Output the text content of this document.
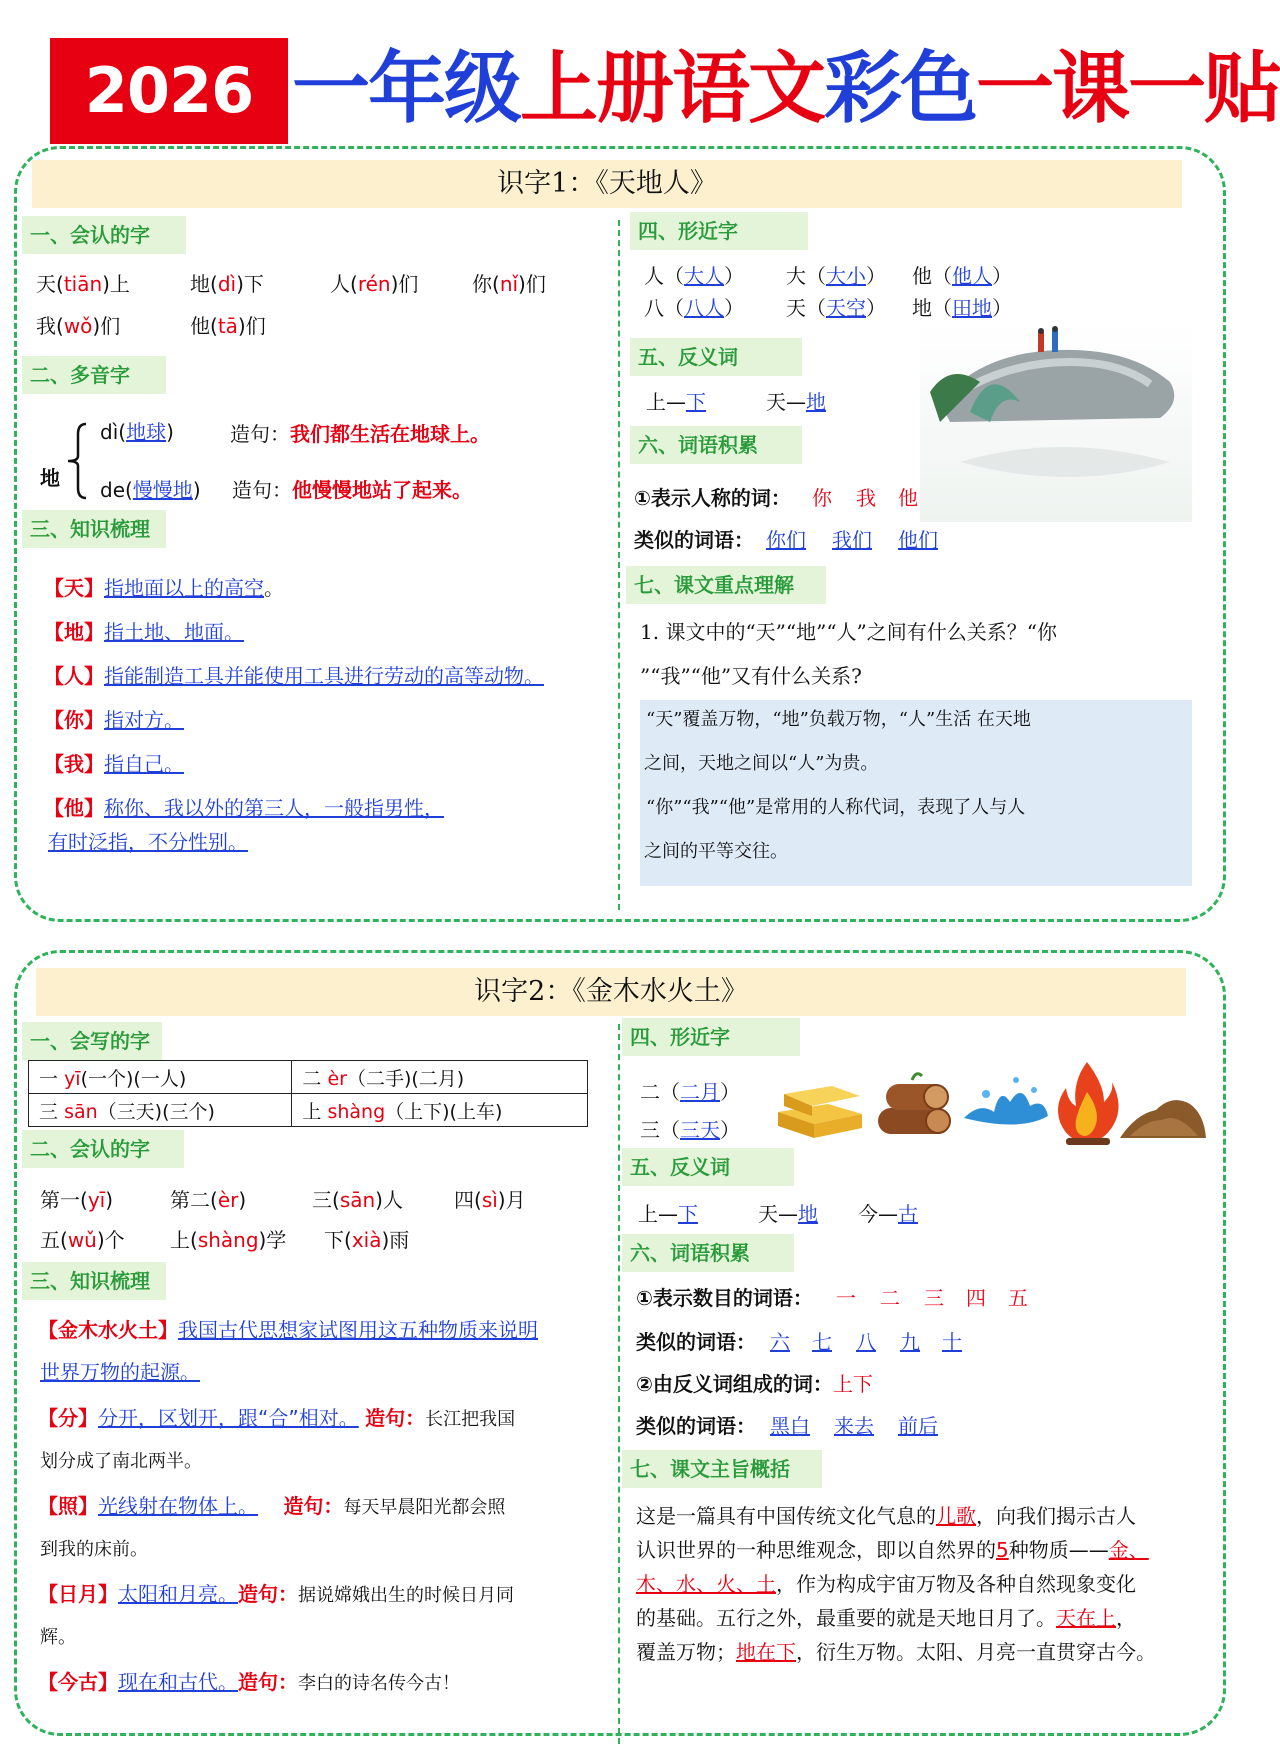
2026 一年级上册语文彩色一课一贴
识字1：《天地人》
一、会认的字
天(tiān)上	地(dì)下	人(rén)们	你(nǐ)们
我(wǒ)们	他(tā)们
二、多音字
地
dì(地球)	造句：我们都生活在地球上。
de(慢慢地) 造句：他慢慢地站了起来。
三、知识梳理
【天】指地面以上的高空。
【地】指土地、地面。
【人】指能制造工具并能使用工具进行劳动的高等动物。
【你】指对方。
【我】指自己。
【他】称你、我以外的第三人，一般指男性，
有时泛指，不分性别。
四、形近字
人（大人） 大（大小） 他（他人）
八（八人） 天（天空） 地（田地）
五、反义词
上—下	天—地
六、词语积累
①表示人称的词： 你 我 他
类似的词语： 你们 我们 他们
七、课文重点理解
1. 课文中的“天”“地”“人”之间有什么关系？“你
”“我”“他”又有什么关系?
“天”覆盖万物，“地”负载万物，“人”生活 在天地
之间，天地之间以“人”为贵。
“你”“我”“他”是常用的人称代词，表现了人与人
之间的平等交往。
识字2：《金木水火土》
一、会写的字
一 yī(一个)(一人)	二 èr（二手)(二月)
三 sān（三天)(三个)	上 shàng（上下)(上车)
二、会认的字
第一(yī)	第二(èr)	三(sān)人	四(sì)月
五(wǔ)个 上(shàng)学 下(xià)雨
三、知识梳理
【金木水火土】我国古代思想家试图用这五种物质来说明
世界万物的起源。
【分】分开，区划开，跟“合”相对。 造句：长江把我国
划分成了南北两半。
【照】光线射在物体上。 造句：每天早晨阳光都会照
到我的床前。
【日月】太阳和月亮。造句：据说嫦娥出生的时候日月同
辉。
【今古】现在和古代。造句：李白的诗名传今古！
四、形近字
二（二月）
三（三天）
五、反义词
上—下	天—地 今—古
六、词语积累
①表示数目的词语： 一 二 三 四 五
类似的词语： 六 七 八 九 十
②由反义词组成的词：上下
类似的词语： 黑白 来去 前后
七、课文主旨概括
这是一篇具有中国传统文化气息的儿歌，向我们揭示古人
认识世界的一种思维观念，即以自然界的5种物质——金、
木、水、火、土，作为构成宇宙万物及各种自然现象变化
的基础。五行之外，最重要的就是天地日月了。天在上，
覆盖万物；地在下，衍生万物。太阳、月亮一直贯穿古今。
